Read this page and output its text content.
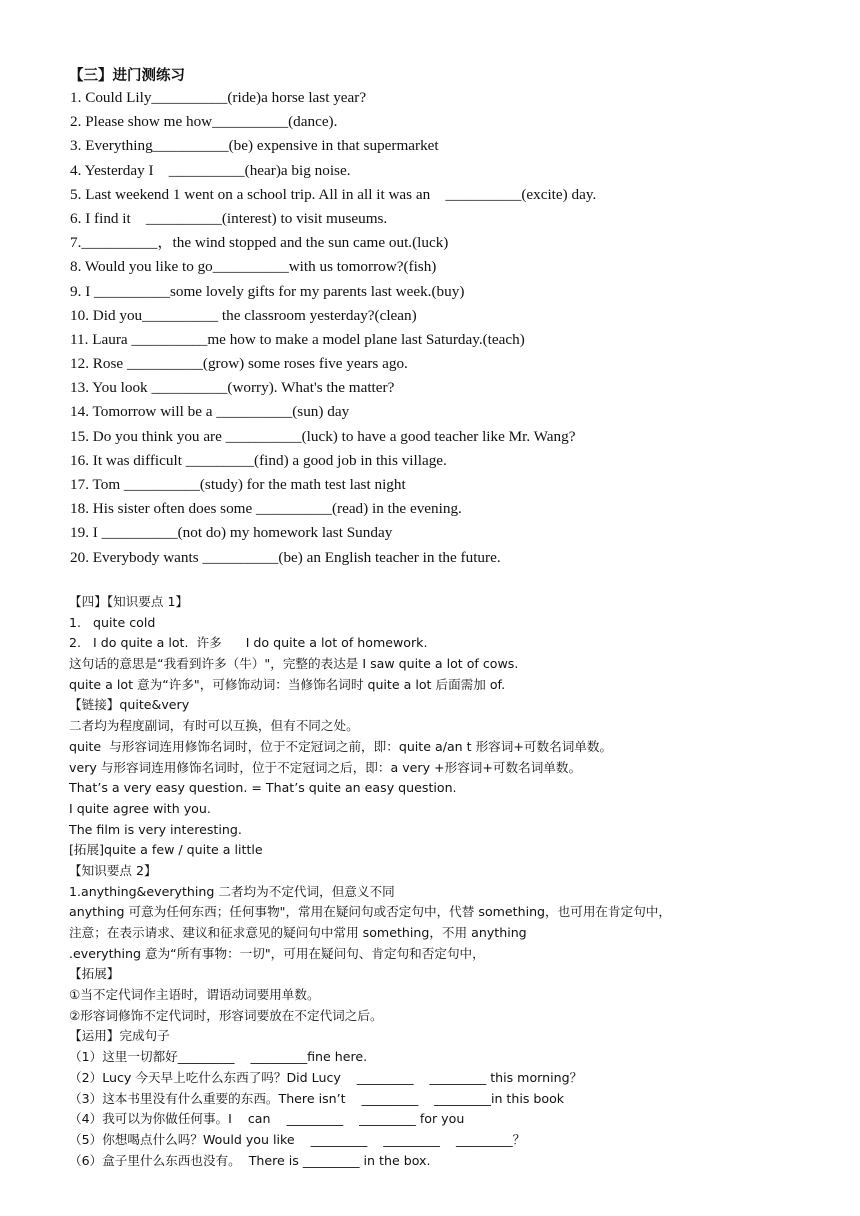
【三】进门测练习
1. Could Lily__________(ride)a horse last year?
2. Please show me how__________(dance).
3. Everything__________(be) expensive in that supermarket
4. Yesterday I    __________(hear)a big noise.
5. Last weekend 1 went on a school trip. All in all it was an    __________(excite) day.
6. I find it    __________(interest) to visit museums.
7.__________，the wind stopped and the sun came out.(luck)
8. Would you like to go__________with us tomorrow?(fish)
9. I __________some lovely gifts for my parents last week.(buy)
10. Did you__________ the classroom yesterday?(clean)
11. Laura __________me how to make a model plane last Saturday.(teach)
12. Rose __________(grow) some roses five years ago.
13. You look __________(worry). What's the matter?
14. Tomorrow will be a __________(sun) day
15. Do you think you are __________(luck) to have a good teacher like Mr. Wang?
16. It was difficult _________(find) a good job in this village.
17. Tom __________(study) for the math test last night
18. His sister often does some __________(read) in the evening.
19. I __________(not do) my homework last Sunday
20. Everybody wants __________(be) an English teacher in the future.
【四】【知识要点 1】
1.   quite cold
2.   I do quite a lot.  许多      I do quite a lot of homework.
这句话的意思是“我看到许多（牛）"，完整的表达是 I saw quite a lot of cows.
quite a lot 意为“许多"，可修饰动词：当修饰名词时 quite a lot 后面需加 of.
【链接】quite&very
二者均为程度副词，有时可以互换，但有不同之处。
quite  与形容词连用修饰名词时，位于不定冠词之前，即：quite a/an t 形容词+可数名词单数。
very 与形容词连用修饰名词时，位于不定冠词之后，即：a very +形容词+可数名词单数。
That’s a very easy question. = That’s quite an easy question.
I quite agree with you.
The film is very interesting.
[拓展]quite a few / quite a little
【知识要点 2】
1.anything&everything 二者均为不定代词，但意义不同
anything 可意为任何东西；任何事物"，常用在疑问句或否定句中，代替 something，也可用在肯定句中，
注意；在表示请求、建议和征求意见的疑问句中常用 something，不用 anything
.everything 意为“所有事物：一切"，可用在疑问句、肯定句和否定句中，
【拓展】
①当不定代词作主语时，谓语动词要用单数。
②形容词修饰不定代词时，形容词要放在不定代词之后。
【运用】完成句子
（1）这里一切都好_________    _________fine here.
（2）Lucy 今天早上吃什么东西了吗？Did Lucy    _________    _________ this morning？
（3）这本书里没有什么重要的东西。There isn’t    _________    _________in this book
（4）我可以为你做任何事。I    can    _________    _________ for you
（5）你想喝点什么吗？Would you like    _________    _________    _________？
（6）盒子里什么东西也没有。  There is _________ in the box.
